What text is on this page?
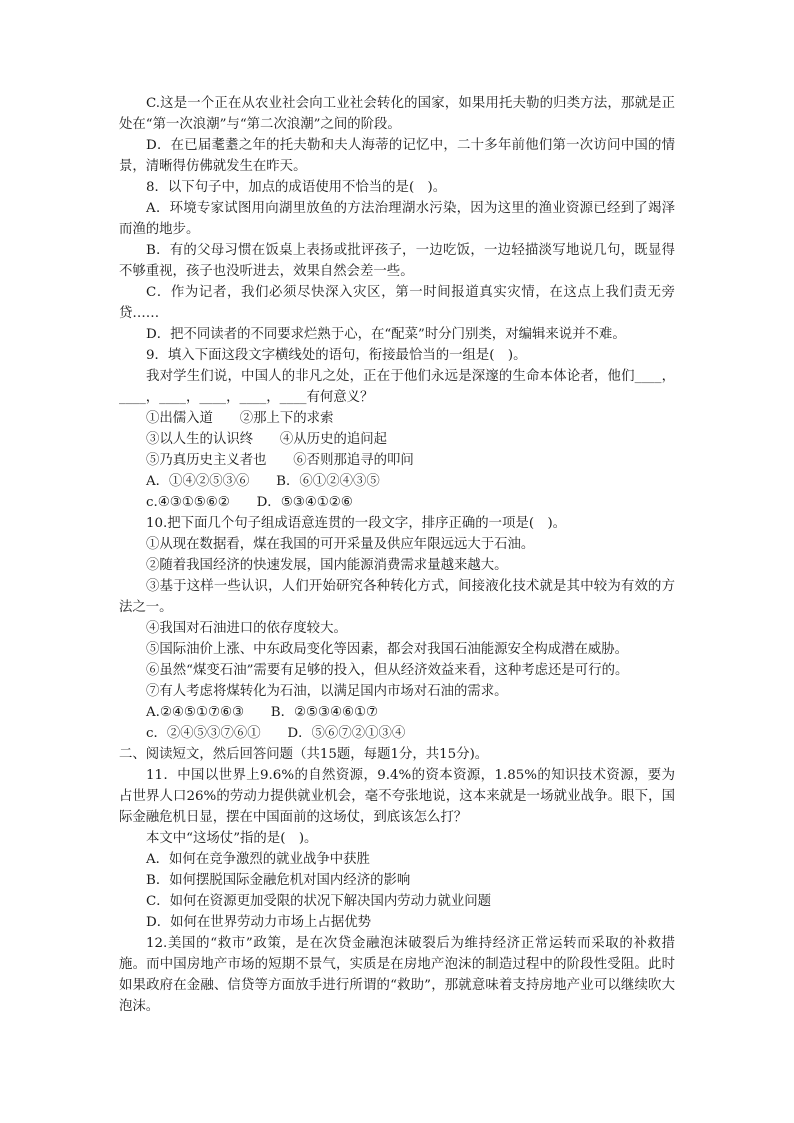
C.这是一个正在从农业社会向工业社会转化的国家，如果用托夫勒的归类方法，那就是正处在“第一次浪潮”与“第二次浪潮”之间的阶段。

D．在已届耄耋之年的托夫勒和夫人海蒂的记忆中，二十多年前他们第一次访问中国的情景，清晰得仿佛就发生在昨天。

8．以下句子中，加点的成语使用不恰当的是(　)。

A．环境专家试图用向湖里放鱼的方法治理湖水污染，因为这里的渔业资源已经到了竭泽而渔的地步。

B．有的父母习惯在饭桌上表扬或批评孩子，一边吃饭，一边轻描淡写地说几句，既显得不够重视，孩子也没听进去，效果自然会差一些。

C．作为记者，我们必须尽快深入灾区，第一时间报道真实灾情，在这点上我们责无旁贷……

D．把不同读者的不同要求烂熟于心，在“配菜”时分门别类，对编辑来说并不难。

9．填入下面这段文字横线处的语句，衔接最恰当的一组是(　)。

我对学生们说，中国人的非凡之处，正在于他们永远是深邃的生命本体论者，他们____，____，____，____，____，____有何意义？

①出儒入道　　②那上下的求索

③以人生的认识终　　④从历史的追问起

⑤乃真历史主义者也　　⑥否则那追寻的叩问

A．①④②⑤③⑥　　B．⑥①②④③⑤

c.④③①⑤⑥②　　D．⑤③④①②⑥

10.把下面几个句子组成语意连贯的一段文字，排序正确的一项是(　)。

①从现在数据看，煤在我国的可开采量及供应年限远远大于石油。

②随着我国经济的快速发展，国内能源消费需求量越来越大。

③基于这样一些认识，人们开始研究各种转化方式，间接液化技术就是其中较为有效的方法之一。

④我国对石油进口的依存度较大。

⑤国际油价上涨、中东政局变化等因素，都会对我国石油能源安全构成潜在威胁。

⑥虽然“煤变石油”需要有足够的投入，但从经济效益来看，这种考虑还是可行的。

⑦有人考虑将煤转化为石油，以满足国内市场对石油的需求。

A.②④⑤①⑦⑥③　　B．②⑤③④⑥①⑦

c．②④⑤③⑦⑥①　　D．⑤⑥⑦②①③④

二、阅读短文，然后回答问题（共15题，每题1分，共15分)。

11．中国以世界上9.6%的自然资源，9.4%的资本资源，1.85%的知识技术资源，要为占世界人口26%的劳动力提供就业机会，毫不夸张地说，这本来就是一场就业战争。眼下，国际金融危机日显，摆在中国面前的这场仗，到底该怎么打？

本文中“这场仗”指的是(　)。

A．如何在竞争激烈的就业战争中获胜

B．如何摆脱国际金融危机对国内经济的影响

C．如何在资源更加受限的状况下解决国内劳动力就业问题

D．如何在世界劳动力市场上占据优势

12.美国的“救市”政策，是在次贷金融泡沫破裂后为维持经济正常运转而采取的补救措施。而中国房地产市场的短期不景气，实质是在房地产泡沫的制造过程中的阶段性受阻。此时如果政府在金融、信贷等方面放手进行所谓的“救助”，那就意味着支持房地产业可以继续吹大泡沫。
